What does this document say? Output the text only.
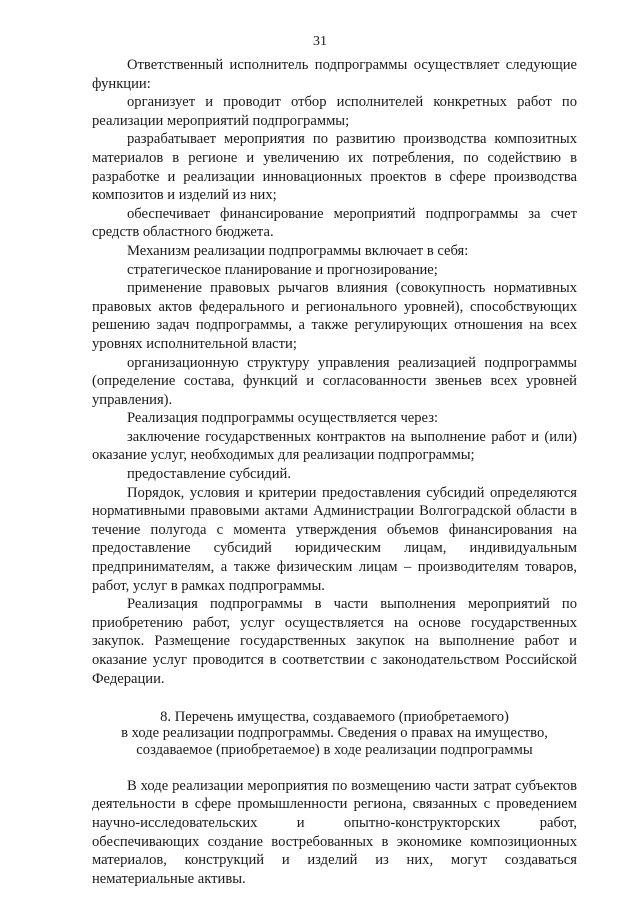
31

Ответственный исполнитель подпрограммы осуществляет следующие функции:

организует и проводит отбор исполнителей конкретных работ по реализации мероприятий подпрограммы;

разрабатывает мероприятия по развитию производства композитных материалов в регионе и увеличению их потребления, по содействию в разработке и реализации инновационных проектов в сфере производства композитов и изделий из них;

обеспечивает финансирование мероприятий подпрограммы за счет средств областного бюджета.

Механизм реализации подпрограммы включает в себя:

стратегическое планирование и прогнозирование;

применение правовых рычагов влияния (совокупность нормативных правовых актов федерального и регионального уровней), способствующих решению задач подпрограммы, а также регулирующих отношения на всех уровнях исполнительной власти;

организационную структуру управления реализацией подпрограммы (определение состава, функций и согласованности звеньев всех уровней управления).

Реализация подпрограммы осуществляется через:

заключение государственных контрактов на выполнение работ и (или) оказание услуг, необходимых для реализации подпрограммы;

предоставление субсидий.

Порядок, условия и критерии предоставления субсидий определяются нормативными правовыми актами Администрации Волгоградской области в течение полугода с момента утверждения объемов финансирования на предоставление субсидий юридическим лицам, индивидуальным предпринимателям, а также физическим лицам – производителям товаров, работ, услуг в рамках подпрограммы.

Реализация подпрограммы в части выполнения мероприятий по приобретению работ, услуг осуществляется на основе государственных закупок. Размещение государственных закупок на выполнение работ и оказание услуг проводится в соответствии с законодательством Российской Федерации.

8. Перечень имущества, создаваемого (приобретаемого)
в ходе реализации подпрограммы. Сведения о правах на имущество,
создаваемое (приобретаемое) в ходе реализации подпрограммы

В ходе реализации мероприятия по возмещению части затрат субъектов деятельности в сфере промышленности региона, связанных с проведением научно-исследовательских и опытно-конструкторских работ, обеспечивающих создание востребованных в экономике композиционных материалов, конструкций и изделий из них, могут создаваться нематериальные активы.
